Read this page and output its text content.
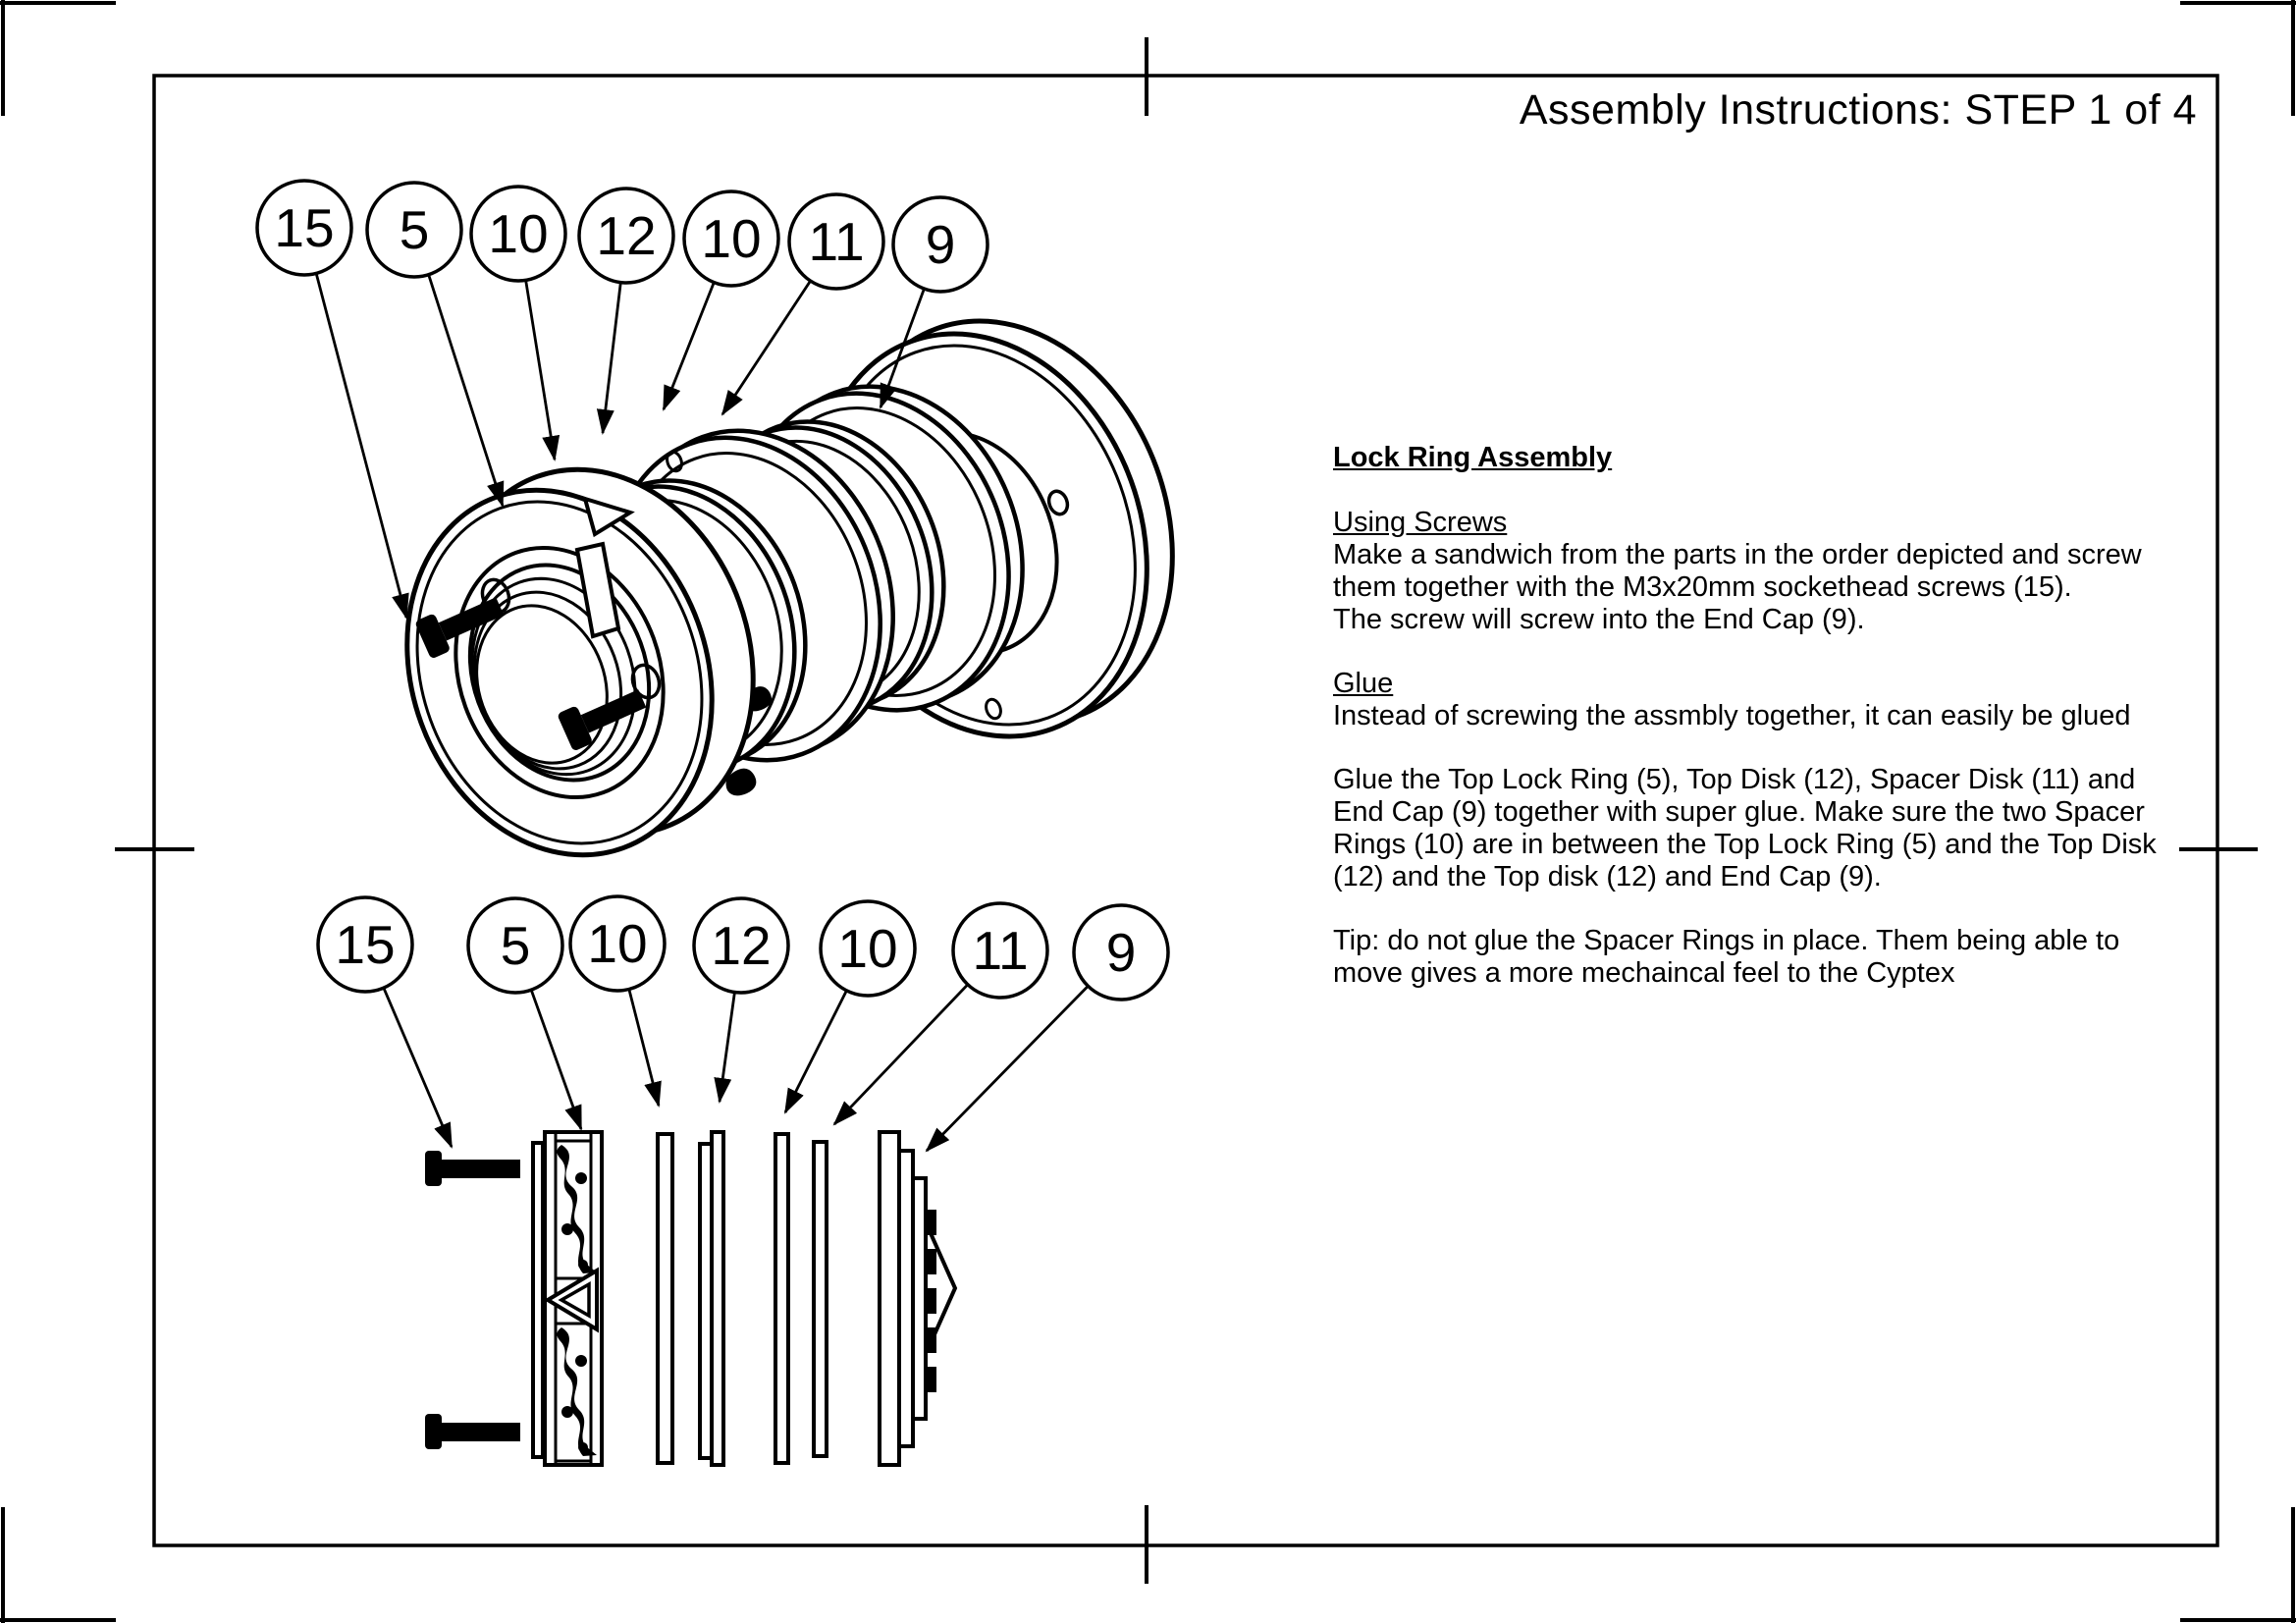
15 5 10 12 10 11 9
15 5 10 12 10 11 9
Assembly Instructions: STEP 1 of 4
Lock Ring Assembly
Using Screws
Make a sandwich from the parts in the order depicted and screw
them together with the M3x20mm sockethead screws (15).
The screw will screw into the End Cap (9).
Glue
Instead of screwing the assmbly together, it can easily be glued
Glue the Top Lock Ring (5), Top Disk (12), Spacer Disk (11) and
End Cap (9) together with super glue. Make sure the two Spacer
Rings (10) are in between the Top Lock Ring (5) and the Top Disk
(12) and the Top disk (12) and End Cap (9).
Tip: do not glue the Spacer Rings in place. Them being able to
move gives a more mechaincal feel to the Cyptex
